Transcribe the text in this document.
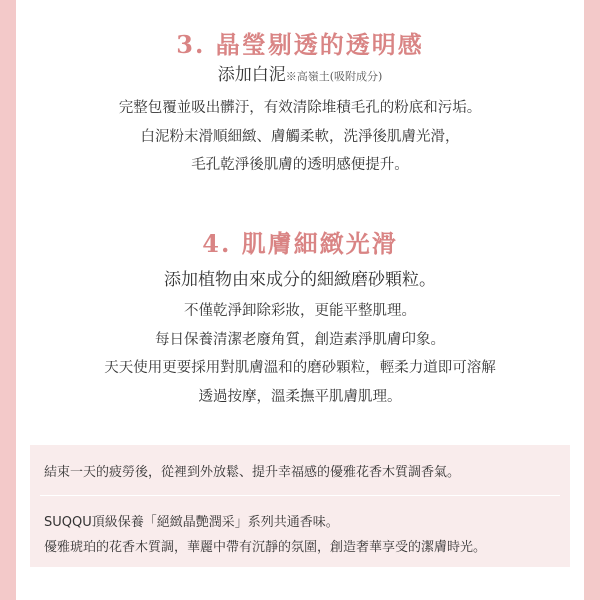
3. 晶瑩剔透的透明感
添加白泥※高嶺土(吸附成分)
完整包覆並吸出髒汙，有效清除堆積毛孔的粉底和污垢。
白泥粉末滑順細緻、膚觸柔軟，洗淨後肌膚光滑，
毛孔乾淨後肌膚的透明感便提升。
4. 肌膚細緻光滑
添加植物由來成分的細緻磨砂顆粒。
不僅乾淨卸除彩妝，更能平整肌理。
每日保養清潔老廢角質，創造素淨肌膚印象。
天天使用更要採用對肌膚溫和的磨砂顆粒，輕柔力道即可溶解
透過按摩，溫柔撫平肌膚肌理。
結束一天的疲勞後，從裡到外放鬆、提升幸福感的優雅花香木質調香氣。
SUQQU頂級保養「絕緻晶艷潤采」系列共通香味。
優雅琥珀的花香木質調，華麗中帶有沉靜的氛圍，創造奢華享受的潔膚時光。
